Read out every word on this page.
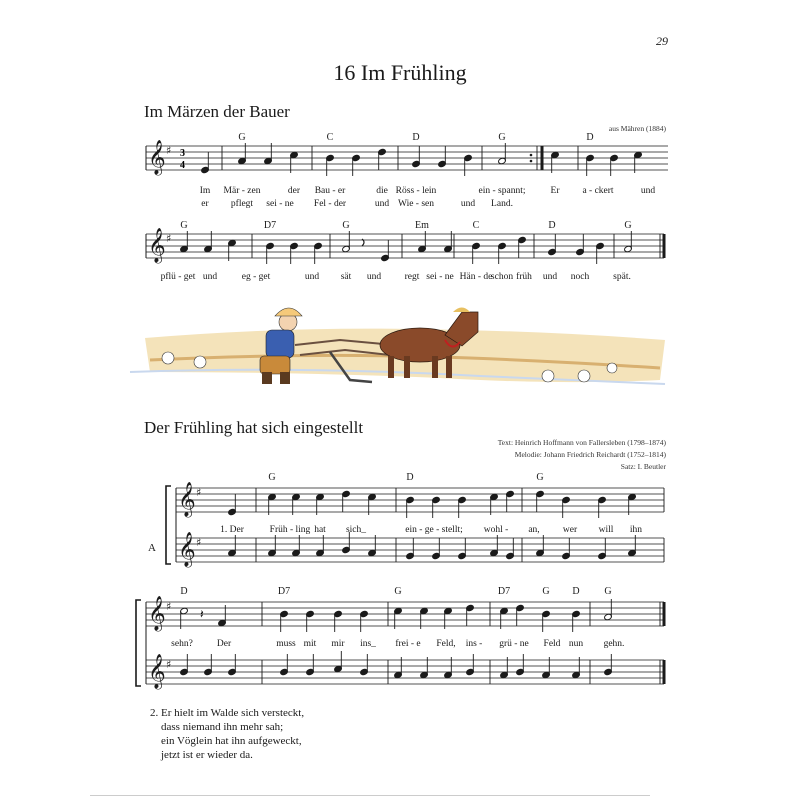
29
16 Im Frühling
Im Märzen der Bauer
aus Mähren (1884)
𝄞 ♯ 3
4
G	C	D	G	D
Im Mär - zen	der Bau - er	die Röss - lein	ein - spannt;	Er a - ckert	und
er pflegt sei - ne Fel - der	und Wie - sen	und Land.
𝄞 ♯
G	D7	G	Em	C	D	G
pflü - get und	eg - get	und sät und regt sei - ne Hän - de
schon früh und noch	spät.
𝄞 ♯
𝄞 ♯
G	D	G
1. Der	Früh - ling hat sich_	ein - ge - stellt; wohl - an, wer will ihn
𝄞 ♯
𝄞 ♯
𝄽
D	D7	G	D7	G D G
sehn?	Der	muss mit mir ins_ frei - e Feld, ins - grü - ne Feld nun gehn.
Der Frühling hat sich eingestellt
Text: Heinrich Hoffmann von Fallersleben (1798–1874)
Melodie: Johann Friedrich Reichardt (1752–1814)
Satz: I. Beutler
A
2. Er hielt im Walde sich versteckt,
dass niemand ihn mehr sah;
ein Vöglein hat ihn aufgeweckt,
jetzt ist er wieder da.
